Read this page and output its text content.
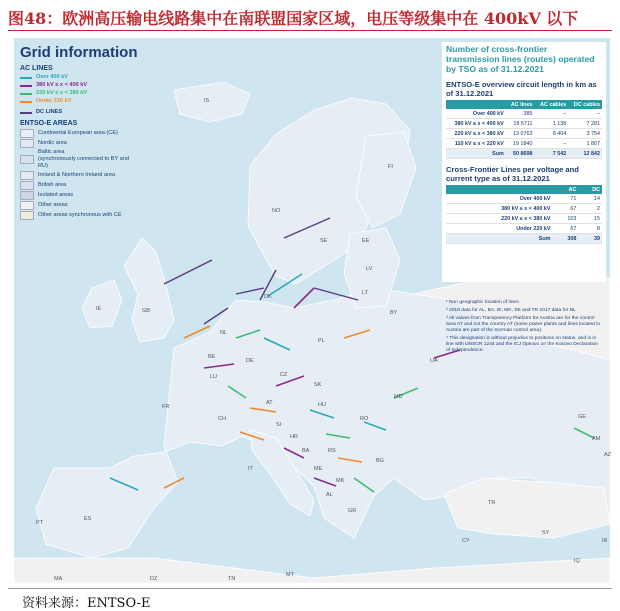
图48：欧洲高压输电线路集中在南联盟国家区域，电压等级集中在 400kV 以下
IS
NO
SE
FI
EE
LV
LT
DK
GB
IE
NL
BE
DE
PL
LU
FR
CH
AT
CZ
SK
HU
SI
HR
BA	RS
ME
MK
AL
GR
RO
BG
MD
UA
BY
IT
ES
PT
TR
GE
AM
AZ
SY
MA	DZ	TN
MT
CY
IQ
IR
Grid information
AC LINES
Over 400 kV
380 kV ≤ x < 400 kV
220 kV ≤ x < 380 kV
Under 220 kV
DC LINES
ENTSO-E AREAS
Continental European area (CE)
Nordic area
Baltic area
(synchronously connected to BY and RU)
Ireland & Northern Ireland area
British area
Isolated areas
Other areas
Other areas synchronous with CE
Number of cross-frontier transmission lines (routes) operated by TSO as of 31.12.2021
ENTSO-E overview circuit length in km as of 31.12.2021
	AC lines	AC cables	DC cables
Over 400 kV	385	–	–
380 kV ≤ x < 400 kV	18 5711	1 138	7 281
220 kV ≤ x < 380 kV	13 0763	6 404	3 754
110 kV ≤ x < 220 kV	19 1840	–	1 807
Sum	50 8698	7 542	12 842
Cross-Frontier Lines per voltage and current type as of 31.12.2021
	AC	DC
Over 400 kV	71	14
380 kV ≤ x < 400 kV	67	2
220 kV ≤ x < 380 kV	103	15
Under 220 kV	67	8
Sum	308	39
¹ Non geographic location of lines.
² 2018 data for AL, BA, IE, MK, SE and TR 2017 data for NL
³ All values from Transparency Platform for Austria are for the control area AT and not the country AT (some power plants and lines located in Austria are part of the German control area).
⁴ This designation is without prejudice to positions on status, and is in line with UNSCR 1244 and the ICJ Opinion on the Kosovo Declaration of Independence.
资料来源：ENTSO-E
